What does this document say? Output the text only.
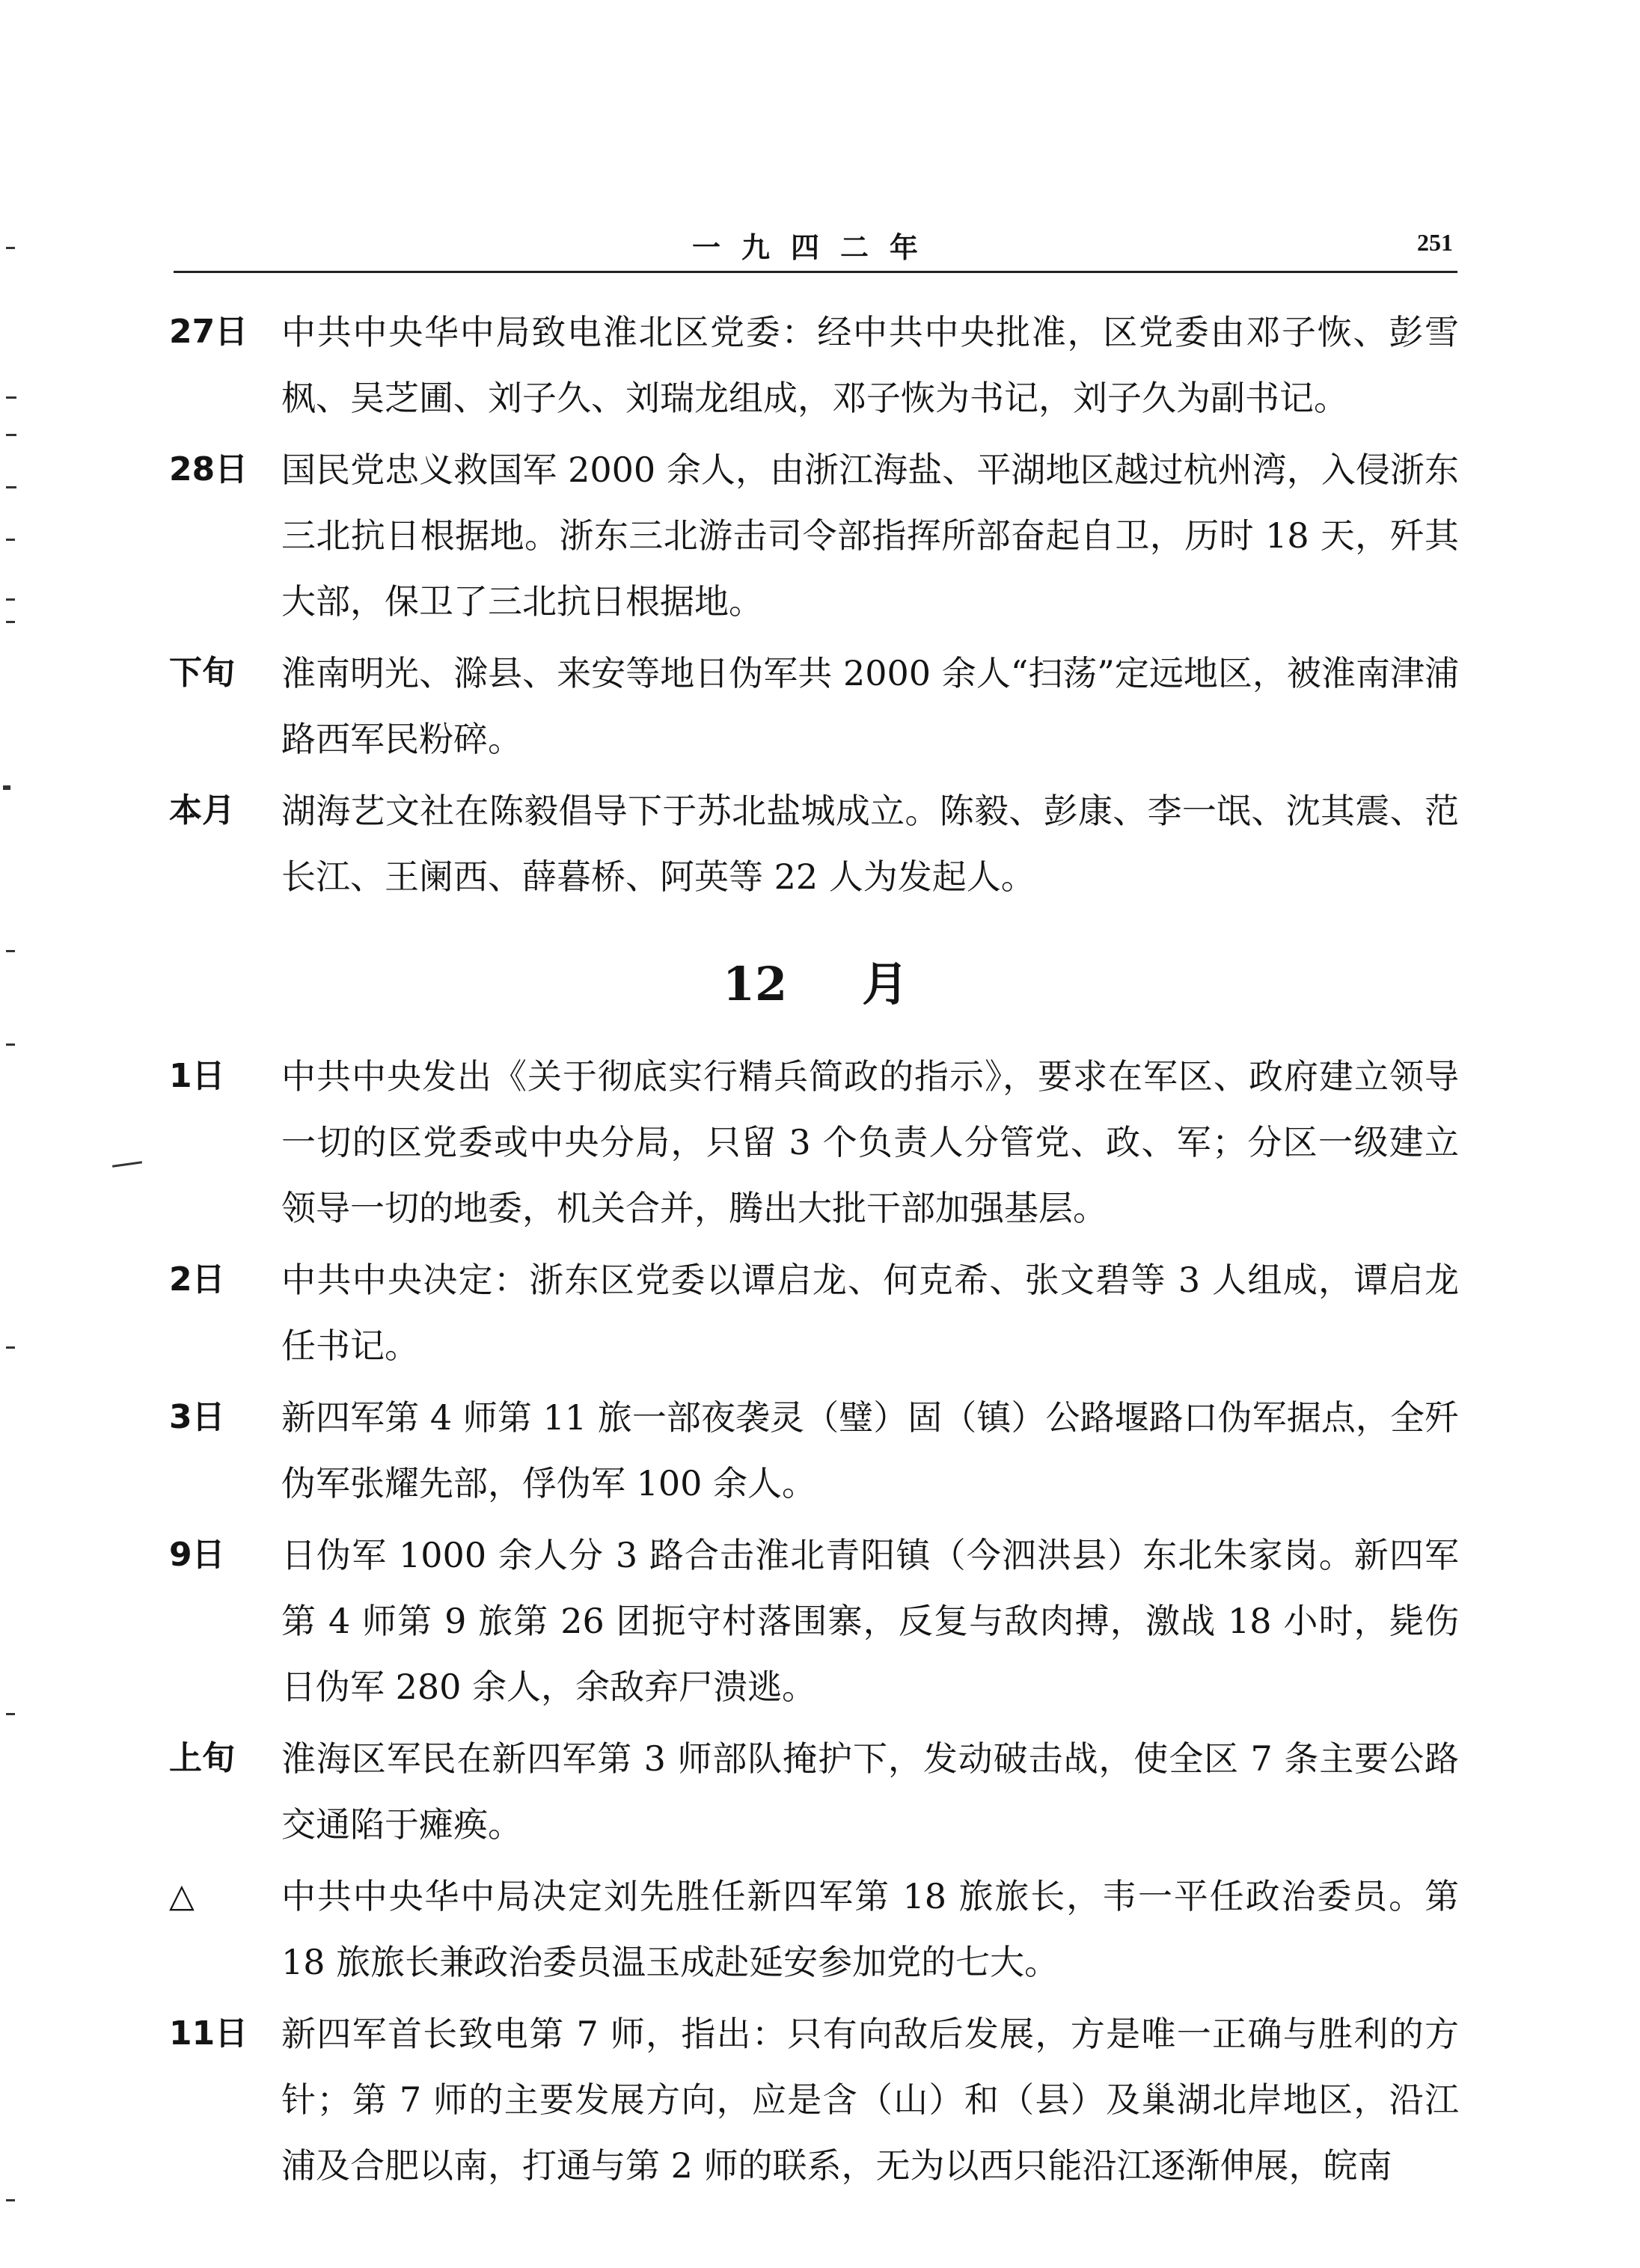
一九四二年	251
27日 中共中央华中局致电淮北区党委：经中共中央批准，区党委由邓子恢、彭雪枫、吴芝圃、刘子久、刘瑞龙组成，邓子恢为书记，刘子久为副书记。
28日 国民党忠义救国军 2000 余人，由浙江海盐、平湖地区越过杭州湾，入侵浙东三北抗日根据地。浙东三北游击司令部指挥所部奋起自卫，历时 18 天，歼其大部，保卫了三北抗日根据地。
下旬 淮南明光、滁县、来安等地日伪军共 2000 余人“扫荡”定远地区，被淮南津浦路西军民粉碎。
本月 湖海艺文社在陈毅倡导下于苏北盐城成立。陈毅、彭康、李一氓、沈其震、范长江、王阑西、薛暮桥、阿英等 22 人为发起人。
12 月
1日 中共中央发出《关于彻底实行精兵简政的指示》，要求在军区、政府建立领导一切的区党委或中央分局，只留 3 个负责人分管党、政、军；分区一级建立领导一切的地委，机关合并，腾出大批干部加强基层。
2日 中共中央决定：浙东区党委以谭启龙、何克希、张文碧等 3 人组成，谭启龙任书记。
3日 新四军第 4 师第 11 旅一部夜袭灵（璧）固（镇）公路堰路口伪军据点，全歼伪军张耀先部，俘伪军 100 余人。
9日 日伪军 1000 余人分 3 路合击淮北青阳镇（今泗洪县）东北朱家岗。新四军第 4 师第 9 旅第 26 团扼守村落围寨，反复与敌肉搏，激战 18 小时，毙伤日伪军 280 余人，余敌弃尸溃逃。
上旬 淮海区军民在新四军第 3 师部队掩护下，发动破击战，使全区 7 条主要公路交通陷于瘫痪。
△	中共中央华中局决定刘先胜任新四军第 18 旅旅长，韦一平任政治委员。第 18 旅旅长兼政治委员温玉成赴延安参加党的七大。
11日 新四军首长致电第 7 师，指出：只有向敌后发展，方是唯一正确与胜利的方针；第 7 师的主要发展方向，应是含（山）和（县）及巢湖北岸地区，沿江浦及合肥以南，打通与第 2 师的联系，无为以西只能沿江逐渐伸展，皖南
